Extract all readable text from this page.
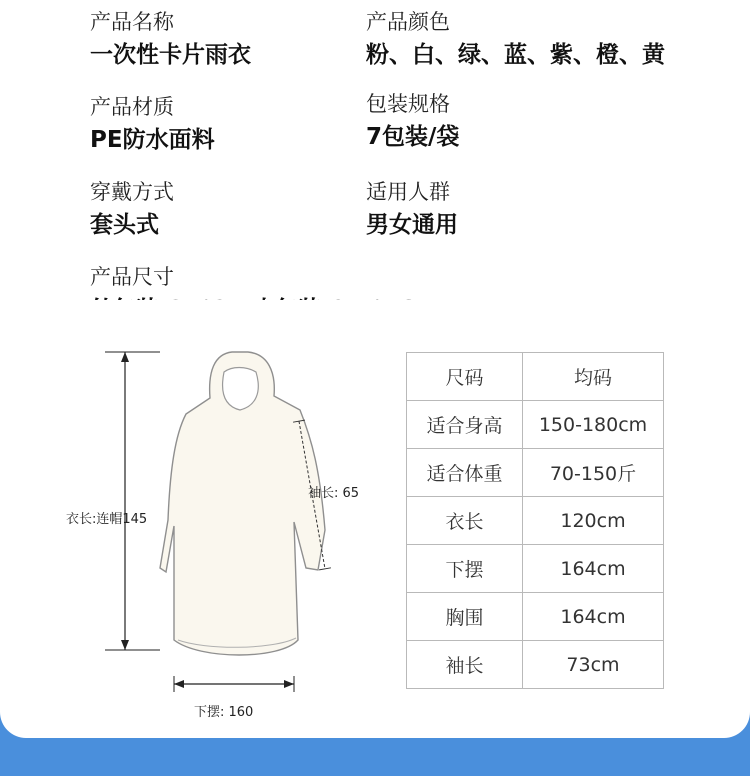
产品名称
一次性卡片雨衣
产品颜色
粉、白、绿、蓝、紫、橙、黄
产品材质
PE防水面料
包装规格
7包装/袋
穿戴方式
套头式
适用人群
男女通用
产品尺寸
衣长:连帽145
袖长: 65
下摆: 160
尺码	均码
适合身高	150-180cm
适合体重	70-150斤
衣长	120cm
下摆	164cm
胸围	164cm
袖长	73cm
